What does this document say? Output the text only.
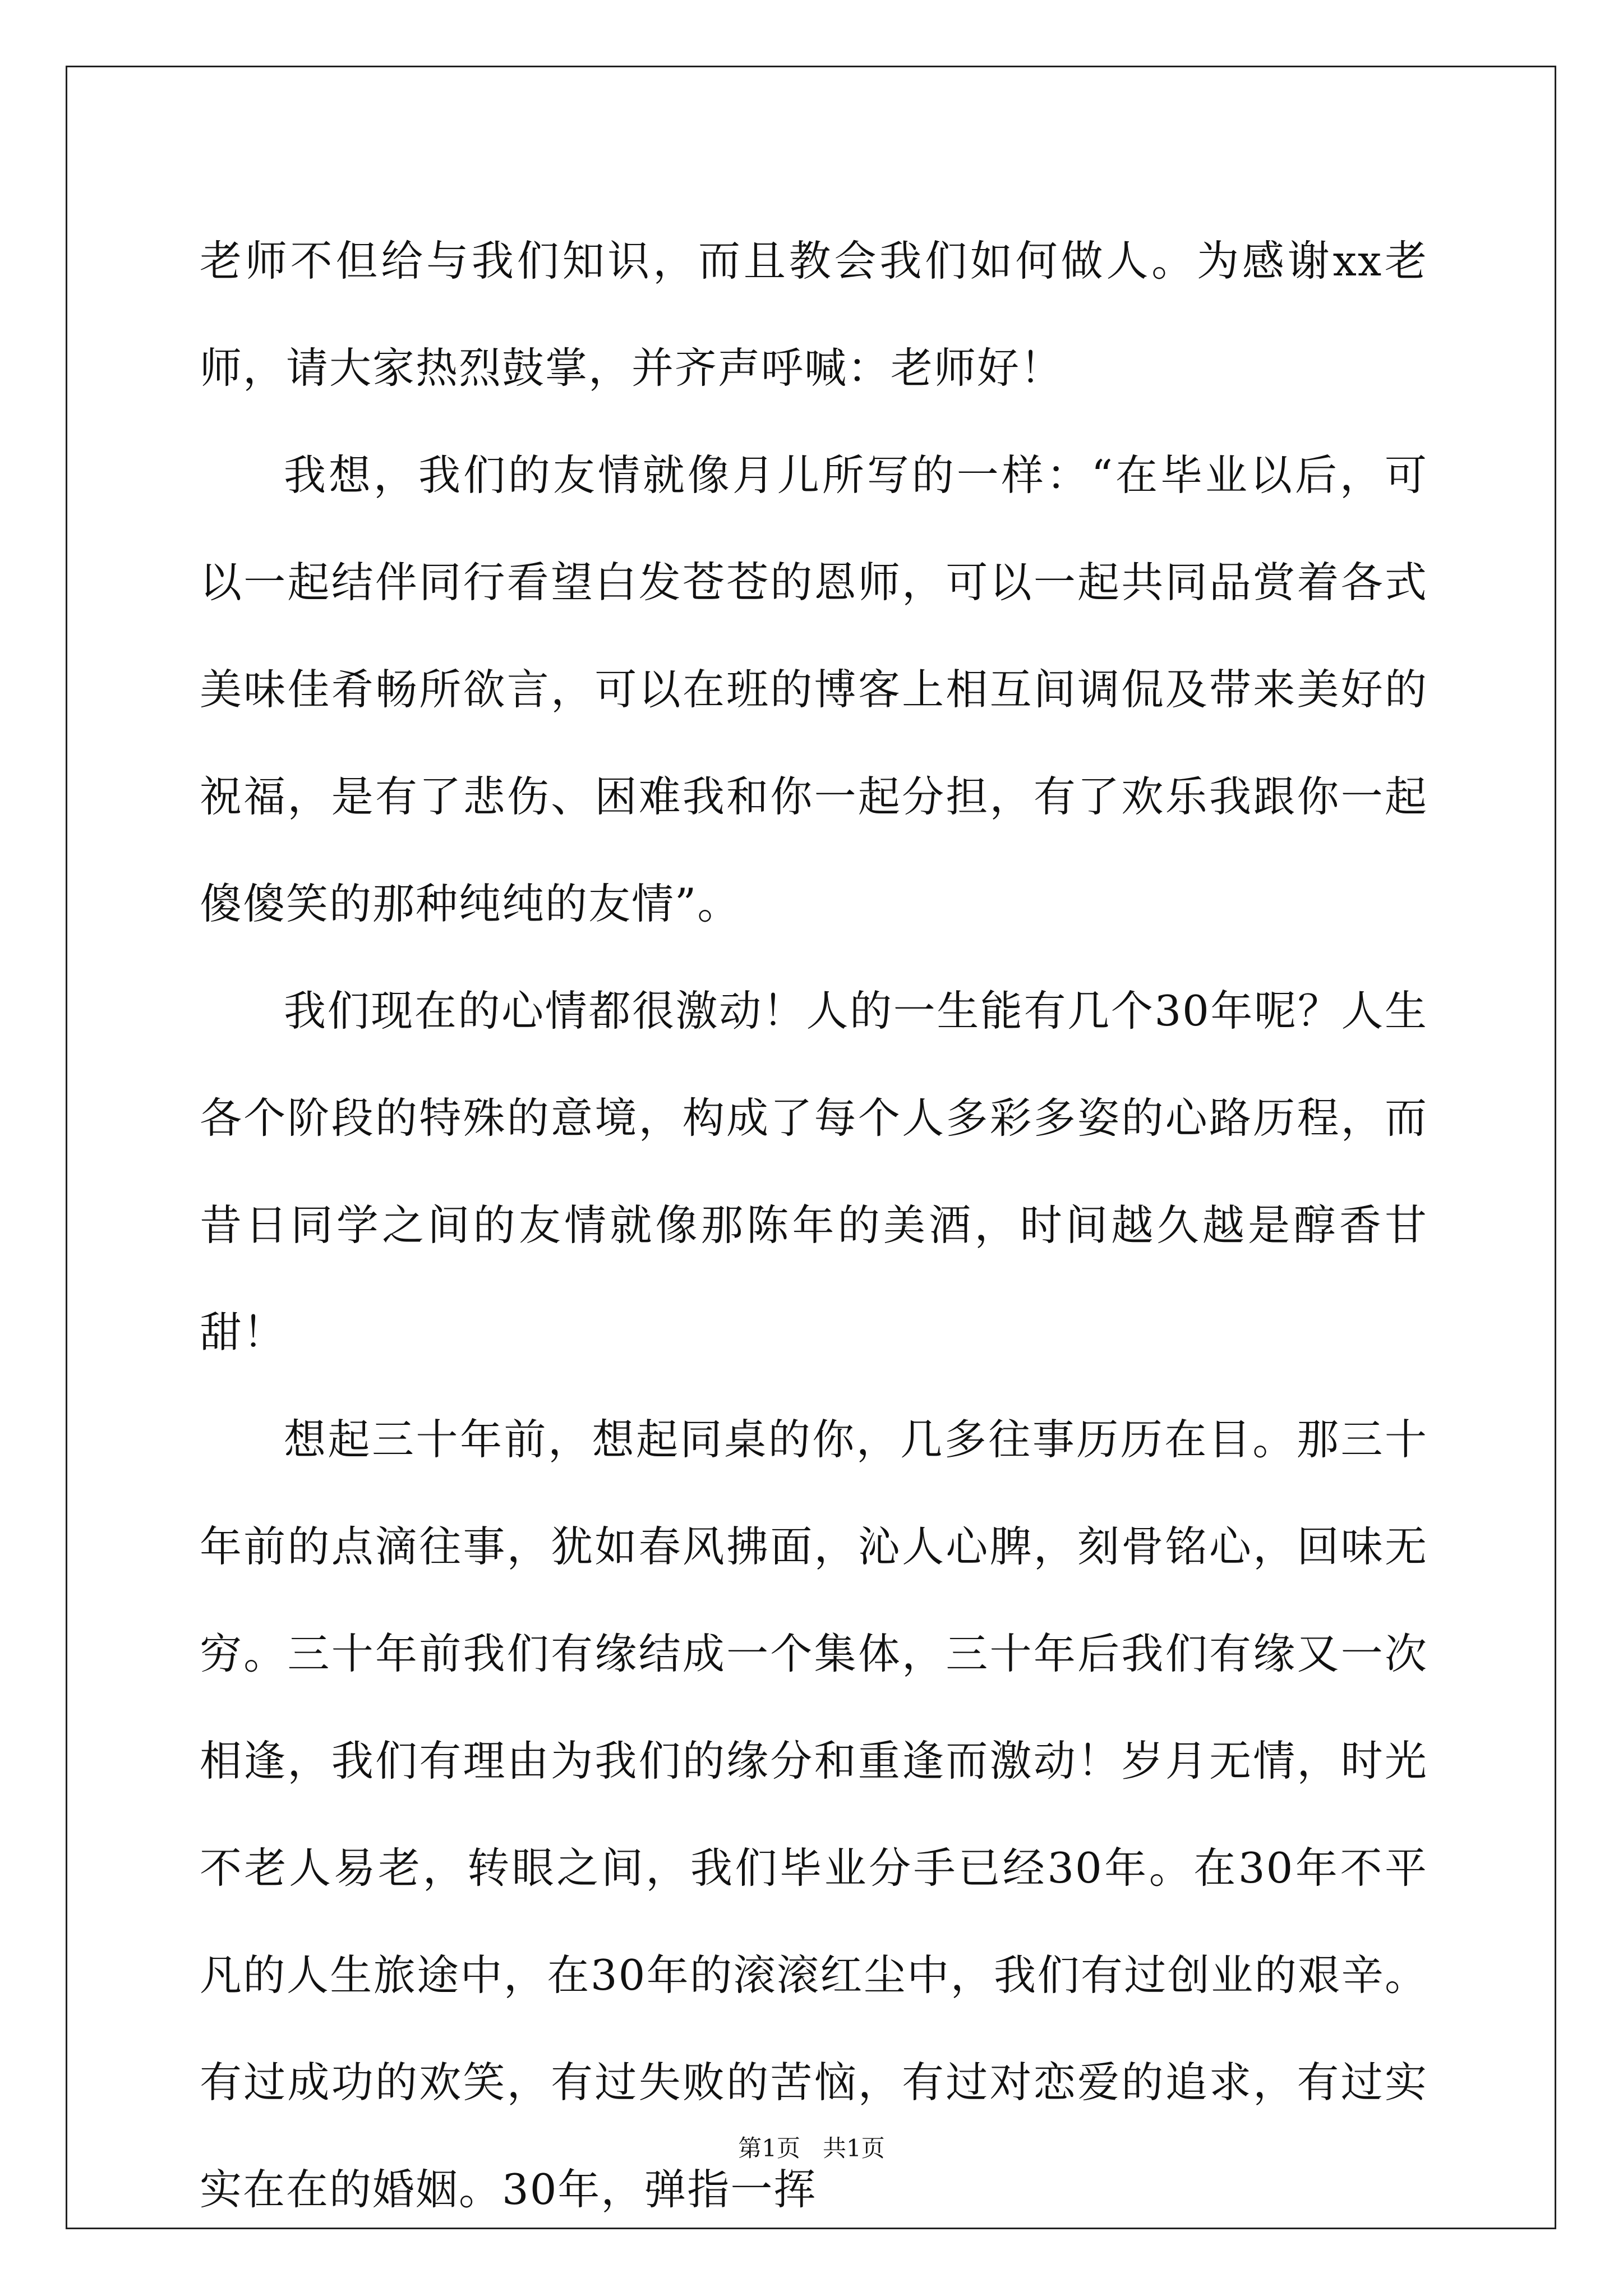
老师不但给与我们知识，而且教会我们如何做人。为感谢xx老师，请大家热烈鼓掌，并齐声呼喊：老师好！

我想，我们的友情就像月儿所写的一样：“在毕业以后，可以一起结伴同行看望白发苍苍的恩师，可以一起共同品赏着各式美味佳肴畅所欲言，可以在班的博客上相互间调侃及带来美好的祝福，是有了悲伤、困难我和你一起分担，有了欢乐我跟你一起傻傻笑的那种纯纯的友情”。

我们现在的心情都很激动！人的一生能有几个30年呢？人生各个阶段的特殊的意境，构成了每个人多彩多姿的心路历程，而昔日同学之间的友情就像那陈年的美酒，时间越久越是醇香甘甜！

想起三十年前，想起同桌的你，几多往事历历在目。那三十年前的点滴往事，犹如春风拂面，沁人心脾，刻骨铭心，回味无穷。三十年前我们有缘结成一个集体，三十年后我们有缘又一次相逢，我们有理由为我们的缘分和重逢而激动！岁月无情，时光不老人易老，转眼之间，我们毕业分手已经30年。在30年不平凡的人生旅途中，在30年的滚滚红尘中，我们有过创业的艰辛。有过成功的欢笑，有过失败的苦恼，有过对恋爱的追求，有过实实在在的婚姻。30年，弹指一挥

第1页 共1页
